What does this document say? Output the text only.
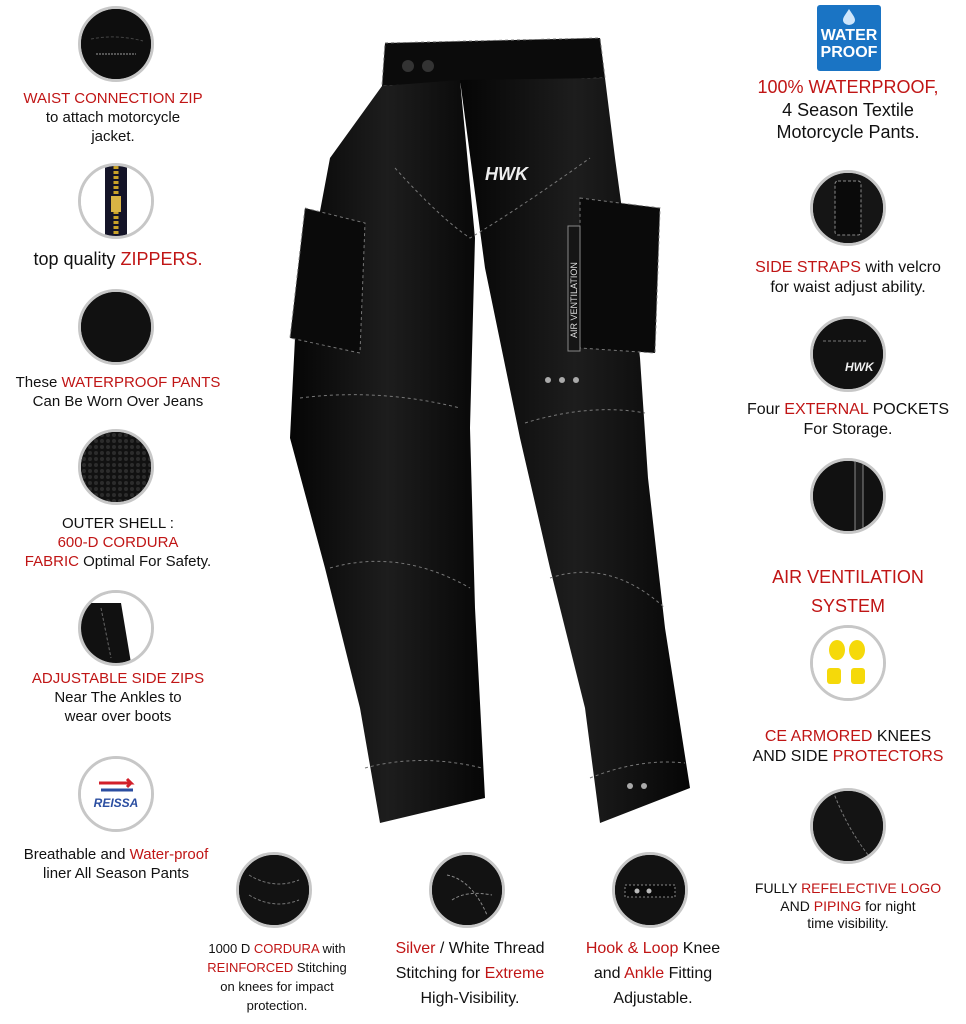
AIR VENTILATION
HWK
WATER
PROOF
REISSA
WAIST CONNECTION ZIP
to attach motorcycle
jacket.
top quality ZIPPERS.
These WATERPROOF PANTS
Can Be Worn Over Jeans
OUTER SHELL :
600-D CORDURA
FABRIC Optimal For Safety.
ADJUSTABLE SIDE ZIPS
Near The Ankles to
wear over boots
Breathable and Water-proof
liner All Season Pants
HWK
100% WATERPROOF,
4 Season Textile
Motorcycle Pants.
SIDE STRAPS with velcro
for waist adjust ability.
Four EXTERNAL POCKETS
For Storage.
AIR VENTILATION
SYSTEM
CE ARMORED KNEES
AND SIDE PROTECTORS
FULLY REFELECTIVE LOGO
AND PIPING for night
time visibility.
1000 D CORDURA with
REINFORCED Stitching
on knees for impact
protection.
Silver / White Thread
Stitching for Extreme
High-Visibility.
Hook & Loop Knee
and Ankle Fitting
Adjustable.
